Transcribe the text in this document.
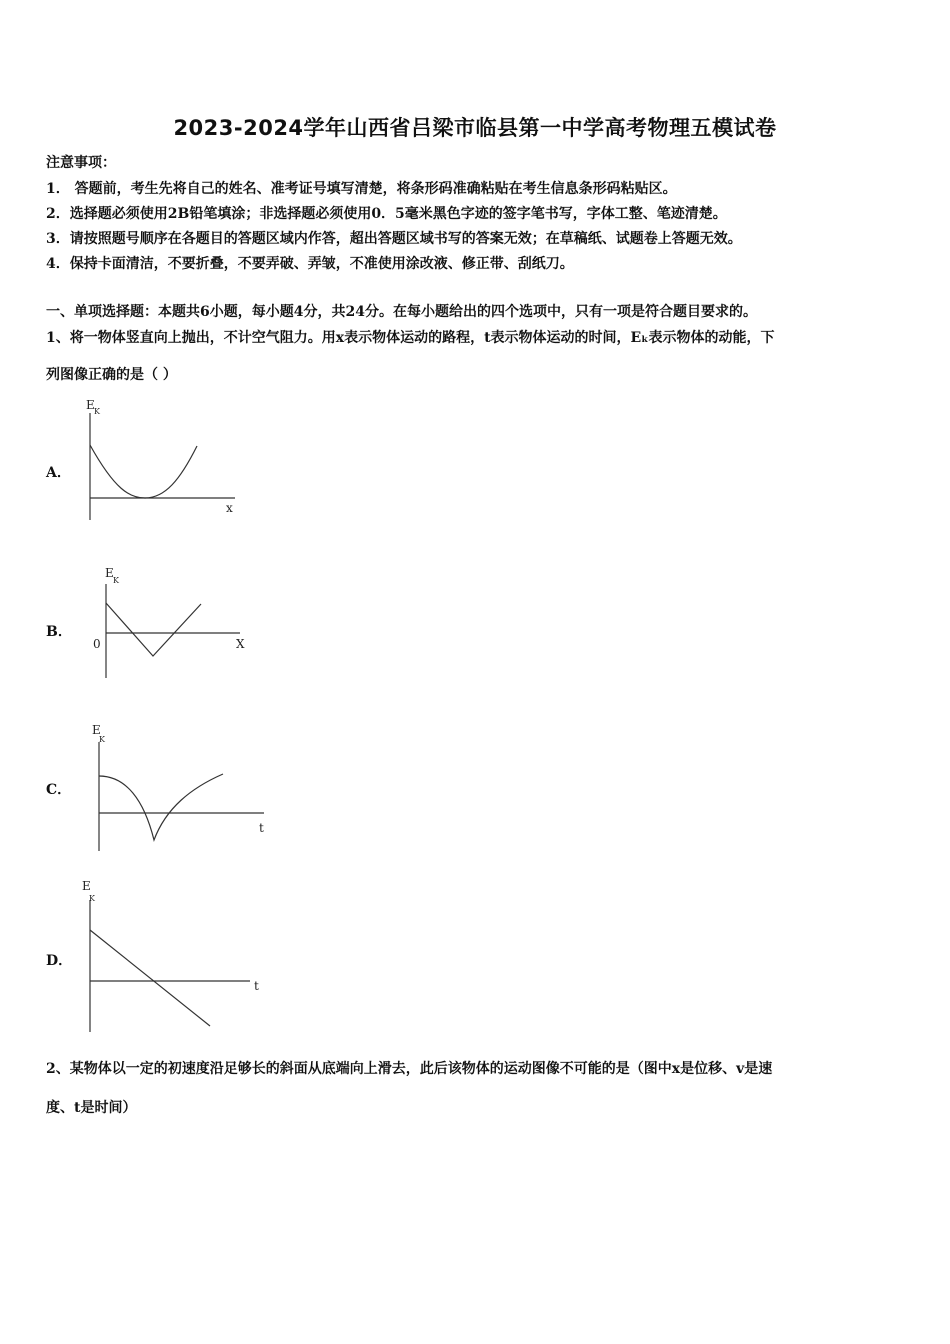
2023-2024学年山西省吕梁市临县第一中学高考物理五模试卷
注意事项：
1． 答题前，考生先将自己的姓名、准考证号填写清楚，将条形码准确粘贴在考生信息条形码粘贴区。
2．选择题必须使用2B铅笔填涂；非选择题必须使用0．5毫米黑色字迹的签字笔书写，字体工整、笔迹清楚。
3．请按照题号顺序在各题目的答题区域内作答，超出答题区域书写的答案无效；在草稿纸、试题卷上答题无效。
4．保持卡面清洁，不要折叠，不要弄破、弄皱，不准使用涂改液、修正带、刮纸刀。
一、单项选择题：本题共6小题，每小题4分，共24分。在每小题给出的四个选项中，只有一项是符合题目要求的。
1、将一物体竖直向上抛出，不计空气阻力。用x表示物体运动的路程，t表示物体运动的时间，Eₖ表示物体的动能，下
列图像正确的是（ ）
A．
E K
x
B．
E
K
0	X
C．
E
K
t
D．
E
K
t
2、某物体以一定的初速度沿足够长的斜面从底端向上滑去，此后该物体的运动图像不可能的是（图中x是位移、v是速
度、t是时间）
